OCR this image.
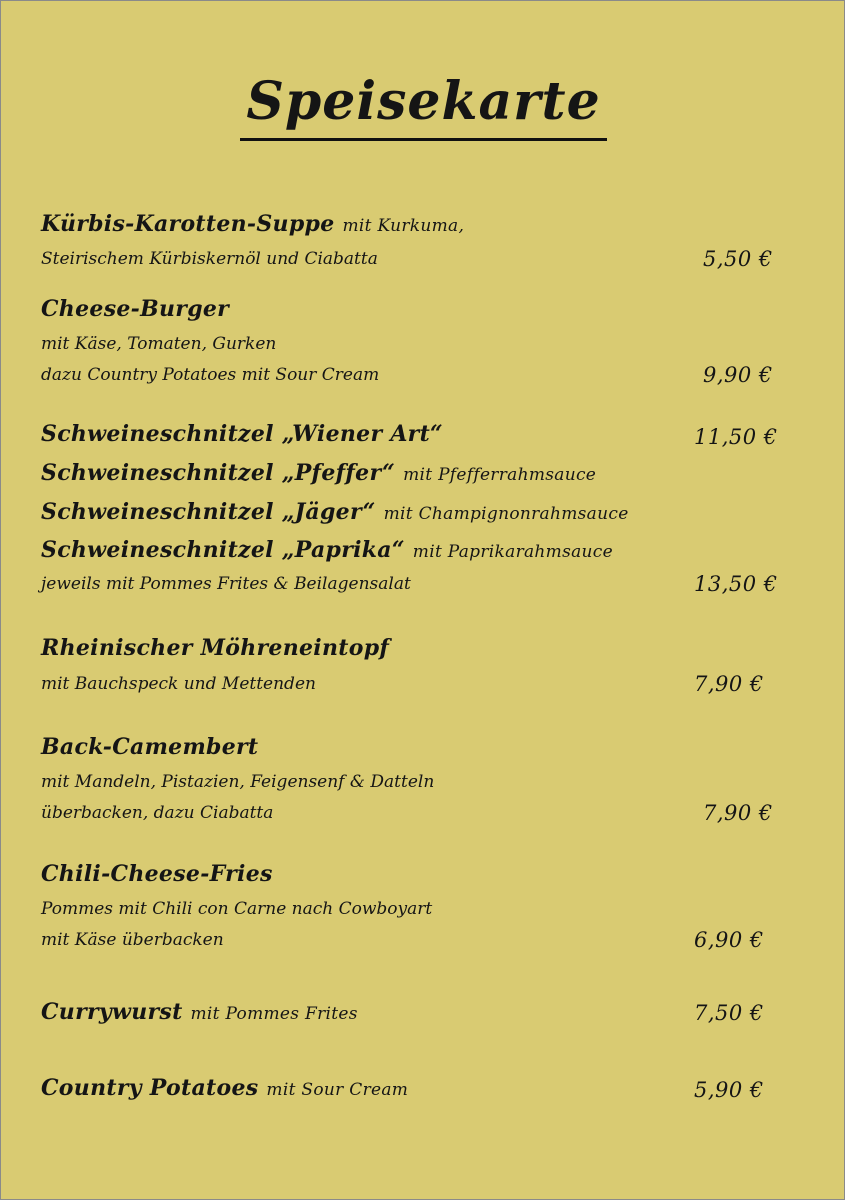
Speisekarte
Kürbis-Karotten-Suppe mit Kurkuma,
Steirischem Kürbiskernöl und Ciabatta	5,50 €
Cheese-Burger
mit Käse, Tomaten, Gurken
dazu Country Potatoes mit Sour Cream	9,90 €
Schweineschnitzel „Wiener Art“	11,50 €
Schweineschnitzel „Pfeffer“ mit Pfefferrahmsauce
Schweineschnitzel „Jäger“ mit Champignonrahmsauce
Schweineschnitzel „Paprika“ mit Paprikarahmsauce
jeweils mit Pommes Frites & Beilagensalat	13,50 €
Rheinischer Möhreneintopf
mit Bauchspeck und Mettenden	7,90 €
Back-Camembert
mit Mandeln, Pistazien, Feigensenf & Datteln
überbacken, dazu Ciabatta	7,90 €
Chili-Cheese-Fries
Pommes mit Chili con Carne nach Cowboyart
mit Käse überbacken	6,90 €
Currywurst mit Pommes Frites	7,50 €
Country Potatoes mit Sour Cream	5,90 €
